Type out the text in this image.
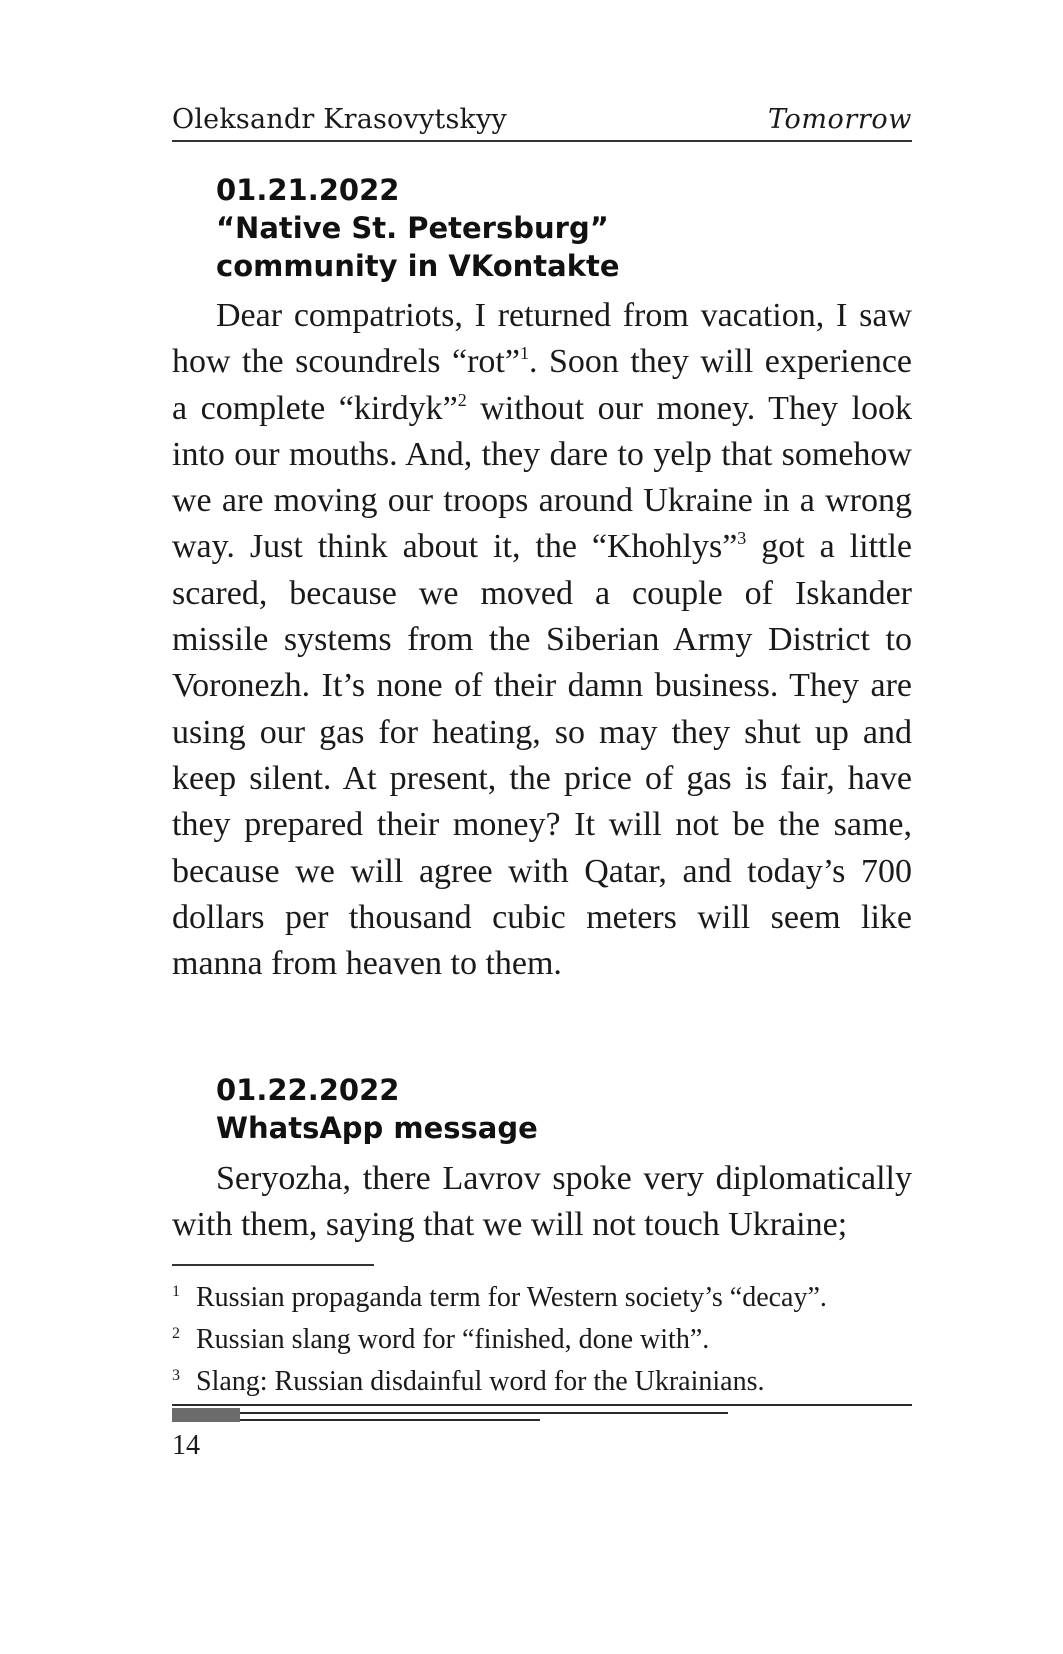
Oleksandr Krasovytskyy	Tomorrow
01.21.2022
“Native St. Petersburg”
community in VKontakte

Dear compatriots, I returned from vacation, I saw how the scoundrels “rot”$^1$. Soon they will experience a complete “kirdyk”$^2$ without our money. They look into our mouths. And, they dare to yelp that somehow we are moving our troops around Ukraine in a wrong way. Just think about it, the “Khohlys”$^3$ got a little scared, because we moved a couple of Iskander missile systems from the Siberian Army District to Voronezh. It’s none of their damn business. They are using our gas for heating, so may they shut up and keep silent. At present, the price of gas is fair, have they prepared their money? It will not be the same, because we will agree with Qatar, and today’s 700 dollars per thousand cubic meters will seem like manna from heaven to them.

01.22.2022
WhatsApp message

Seryozha, there Lavrov spoke very diplomatically with them, saying that we will not touch Ukraine;

1 Russian propaganda term for Western society’s “decay”.
2 Russian slang word for “finished, done with”.
3 Slang: Russian disdainful word for the Ukrainians.
14
